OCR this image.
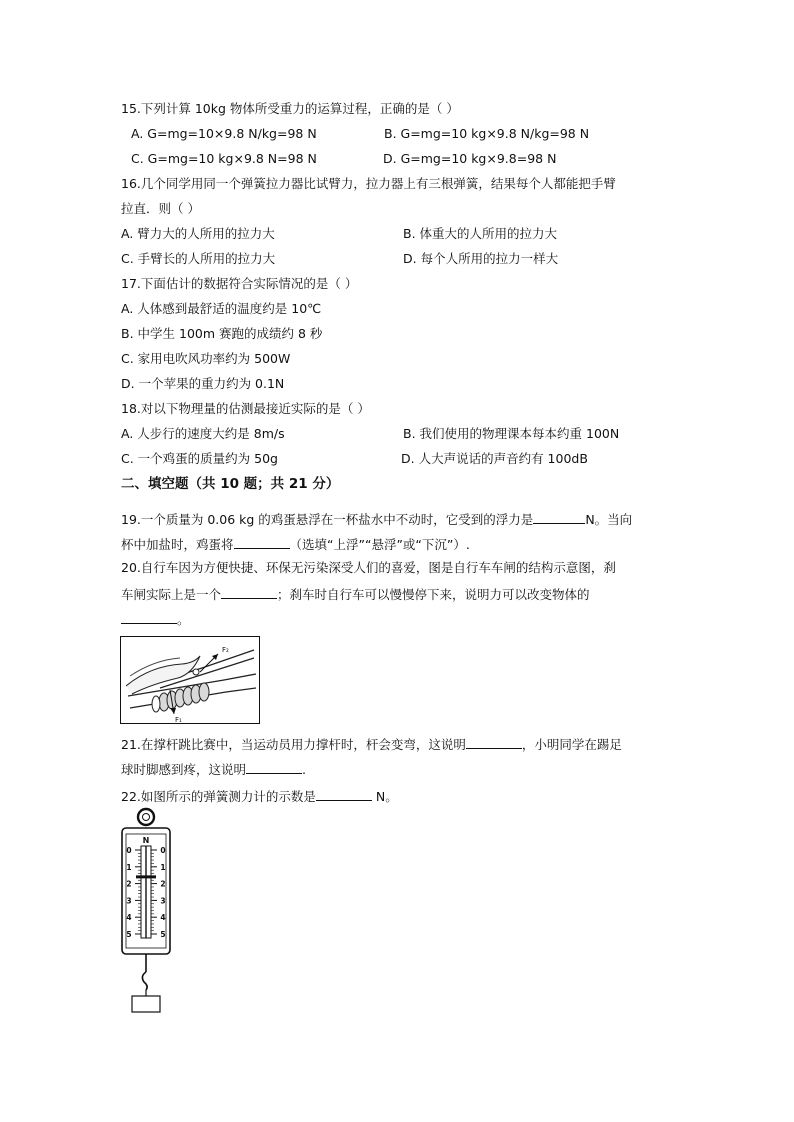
15.下列计算 10kg 物体所受重力的运算过程，正确的是（ ）
A. G=mg=10×9.8 N/kg=98 N	B. G=mg=10 kg×9.8 N/kg=98 N
C. G=mg=10 kg×9.8 N=98 N	D. G=mg=10 kg×9.8=98 N
16.几个同学用同一个弹簧拉力器比试臂力，拉力器上有三根弹簧，结果每个人都能把手臂
拉直．则（ ）
A. 臂力大的人所用的拉力大	B. 体重大的人所用的拉力大
C. 手臂长的人所用的拉力大	D. 每个人所用的拉力一样大
17.下面估计的数据符合实际情况的是（ ）
A. 人体感到最舒适的温度约是 10℃
B. 中学生 100m 赛跑的成绩约 8 秒
C. 家用电吹风功率约为 500W
D. 一个苹果的重力约为 0.1N
18.对以下物理量的估测最接近实际的是（ ）
A. 人步行的速度大约是 8m/s	B. 我们使用的物理课本每本约重 100N
C. 一个鸡蛋的质量约为 50g	D. 人大声说话的声音约有 100dB
二、填空题（共 10 题；共 21 分）
19.一个质量为 0.06 kg 的鸡蛋悬浮在一杯盐水中不动时，它受到的浮力是	N。当向
杯中加盐时，鸡蛋将	（选填“上浮”“悬浮”或“下沉”）.
20.自行车因为方便快捷、环保无污染深受人们的喜爱，图是自行车车闸的结构示意图，刹
车闸实际上是一个	；刹车时自行车可以慢慢停下来，说明力可以改变物体的
。
F₂
F₁
21.在撑杆跳比赛中，当运动员用力撑杆时，杆会变弯，这说明	，小明同学在踢足
球时脚感到疼，这说明	.
22.如图所示的弹簧测力计的示数是	N。
N
0	0
1	1
2	2
3	3
4	4
5	5
